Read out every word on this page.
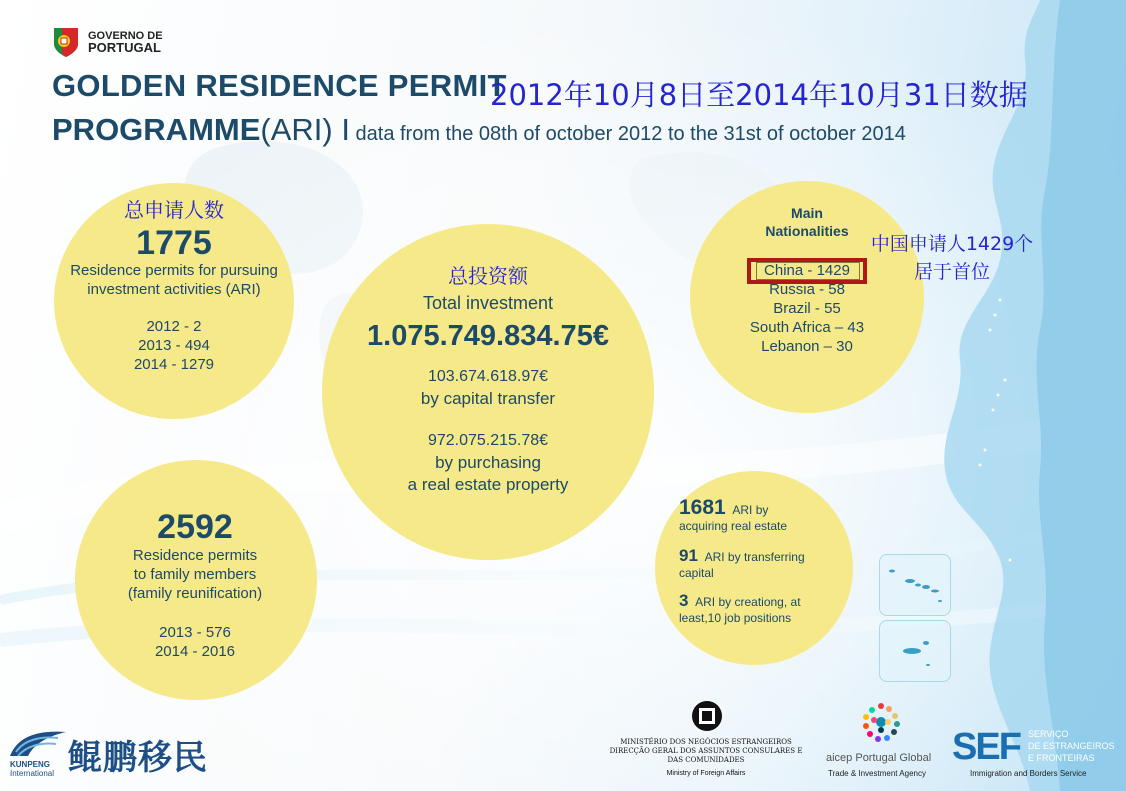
GOVERNO DE
PORTUGAL
GOLDEN RESIDENCE PERMIT
2012年10月8日至2014年10月31日数据
PROGRAMME(ARI) I data from the 08th of october 2012 to the 31st of october 2014
总申请人数
1775
Residence permits for pursuing
investment activities (ARI)
2012 - 2
2013 - 494
2014 - 1279
2592
Residence permits
to family members
(family reunification)
2013 - 576
2014 - 2016
总投资额
Total investment
1.075.749.834.75€
103.674.618.97€
by capital transfer
972.075.215.78€
by purchasing
a real estate property
Main
Nationalities
China - 1429
Russia - 58
Brazil - 55
South Africa – 43
Lebanon – 30
中国申请人1429个
居于首位
1681 ARI by
acquiring real estate
91 ARI by transferring
capital
3 ARI by creationg, at
least,10 job positions
KUNPENG
International 鲲鹏移民	MINISTÉRIO DOS NEGÓCIOS ESTRANGEIROS
DIRECÇÃO GERAL DOS ASSUNTOS CONSULARES E
DAS COMUNIDADES
Ministry of Foreign Affairs
aicep Portugal Global
Trade & Investment Agency
SEF SERVIÇO
DE ESTRANGEIROS
E FRONTEIRAS
Immigration and Borders Service
